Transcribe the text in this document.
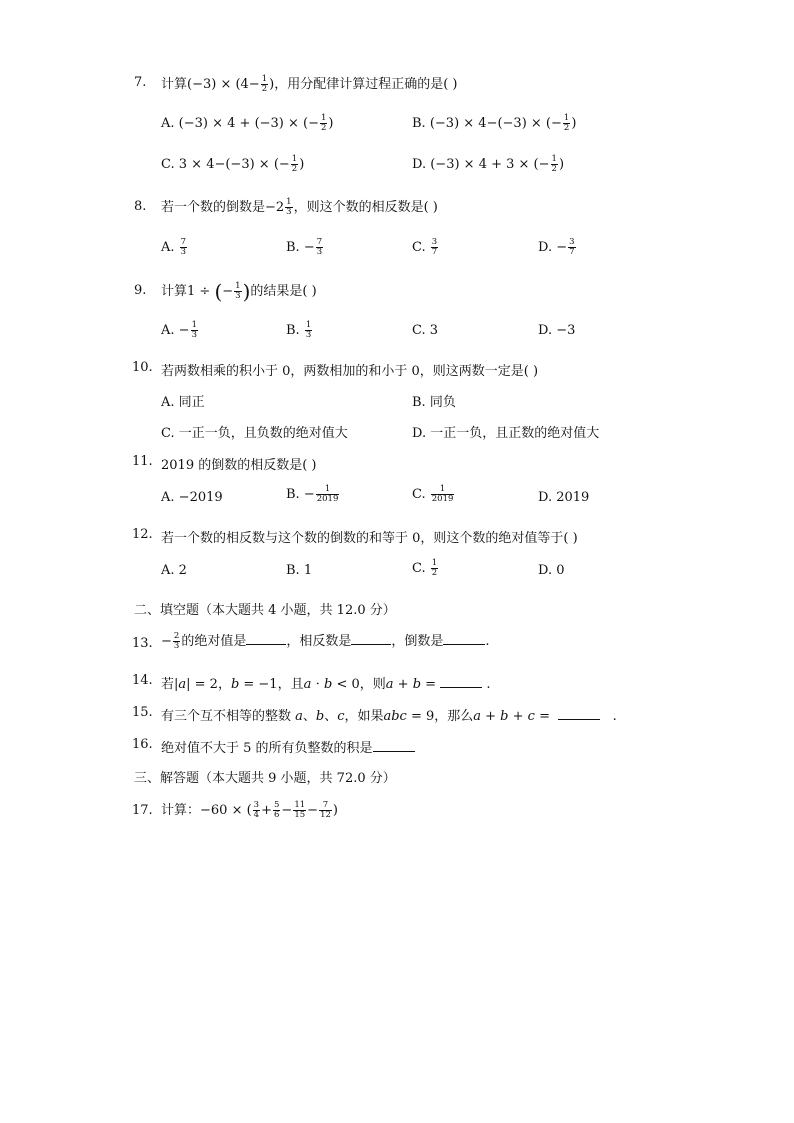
7. 计算$(-3) \times (4- \frac{1}{2}$ )，用分配律计算过程正确的是( )
A. (−3) × 4 + (−3) × (− $\frac{1}{2}$ )	B. (−3) × 4−(−3) × (− $\frac{1}{2}$ )
C. 3 × 4−(−3) × (− $\frac{1}{2}$ )	D. (−3) × 4 + 3 × (− $\frac{1}{2}$ )
8. 若一个数的倒数是$-2 \frac{1}{3}$ ，则这个数的相反数是( )
A. $\frac{7}{3}$	B. − $\frac{7}{3}$	C. $\frac{3}{7}$	D. − $\frac{3}{7}$
9. 计算1 ÷ (− $\frac{1}{3}$ )的结果是( )
A. − $\frac{1}{3}$	B. $\frac{1}{3}$	C. 3	D. −3
10. 若两数相乘的积小于 0，两数相加的和小于 0，则这两数一定是( )
A. 同正	B. 同负
C. 一正一负，且负数的绝对值大	D. 一正一负，且正数的绝对值大
11. 2019 的倒数的相反数是( )
A. −2019	B. − $\frac{1}{2019}$	C. $\frac{1}{2019}$	D. 2019
12. 若一个数的相反数与这个数的倒数的和等于 0，则这个数的绝对值等于( )
A. 2	B. 1	C. $\frac{1}{2}$	D. 0
二、填空题（本大题共 4 小题，共 12.0 分）
13. − $\frac{2}{3}$ 的绝对值是	，相反数是	，倒数是	.
14. 若|𝑎| = 2，𝑏 = −1，且𝑎 ⋅ 𝑏 < 0，则𝑎 + 𝑏 =	.
15. 有三个互不相等的整数 𝑎、𝑏、𝑐，如果𝑎𝑏𝑐 = 9，那么𝑎 + 𝑏 + 𝑐 =	.
16. 绝对值不大于 5 的所有负整数的积是
三、解答题（本大题共 9 小题，共 72.0 分）
17. 计算：−60 × ( $\frac{3}{4} + \frac{5}{6} - \frac{11}{15} - \frac{7}{12}$ )
